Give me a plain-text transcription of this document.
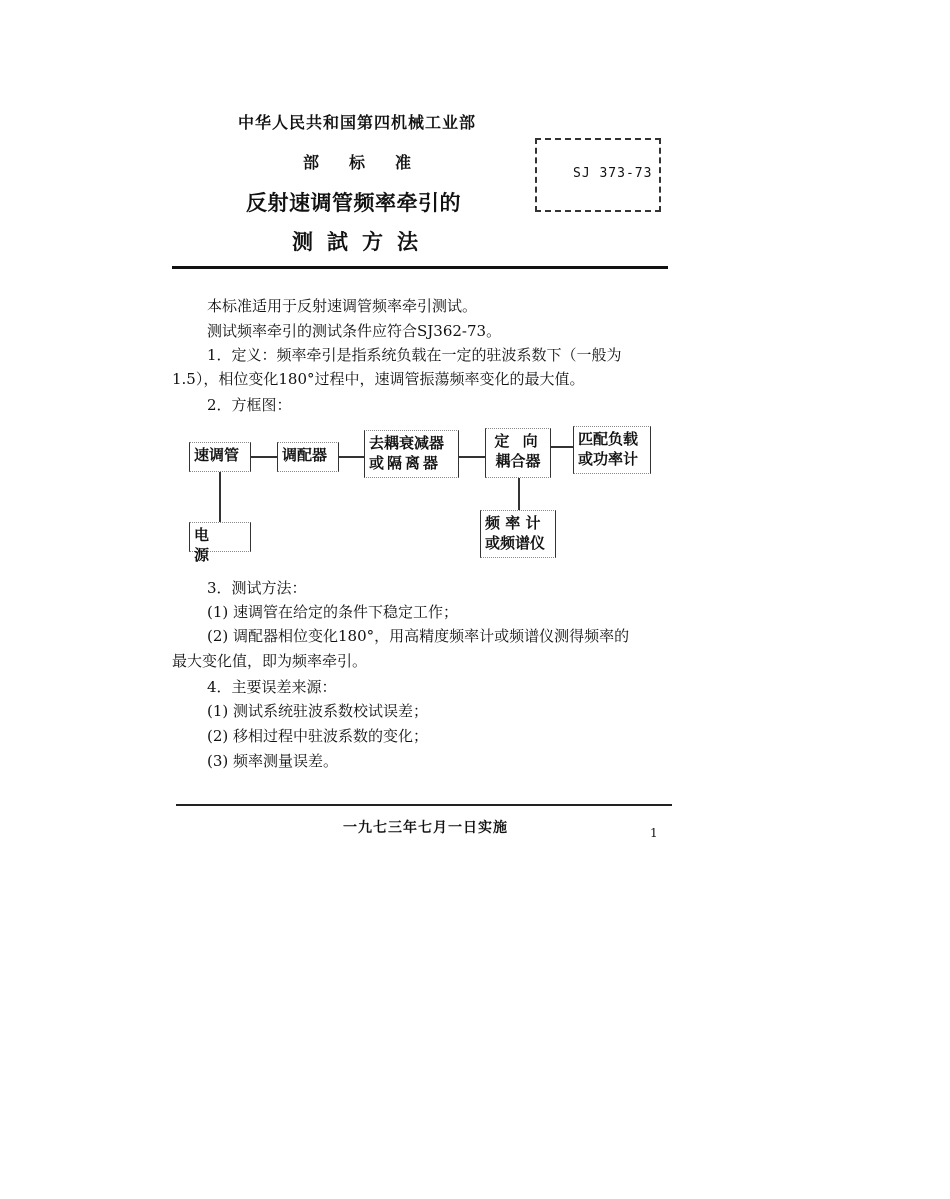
中华人民共和国第四机械工业部
部标准
反射速调管频率牵引的
测試方法
SJ 373-73
本标准适用于反射速调管频率牵引测试。
测试频率牵引的测试条件应符合SJ362-73。
1．定义：频率牵引是指系统负载在一定的驻波系数下（一般为
1.5），相位变化180°过程中，速调管振蕩频率变化的最大值。
2．方框图：
速调管	调配器
去耦衰减器
或隔离器
定 向
耦合器
匹配负载
或功率计
电 源
频 率 计
或频谱仪
3．测试方法：
(1) 速调管在给定的条件下稳定工作；
(2) 调配器相位变化180°，用高精度频率计或频谱仪测得频率的
最大变化值，即为频率牵引。
4．主要误差来源：
(1) 测试系统驻波系数校试误差；
(2) 移相过程中驻波系数的变化；
(3) 频率测量误差。
一九七三年七月一日实施	1
